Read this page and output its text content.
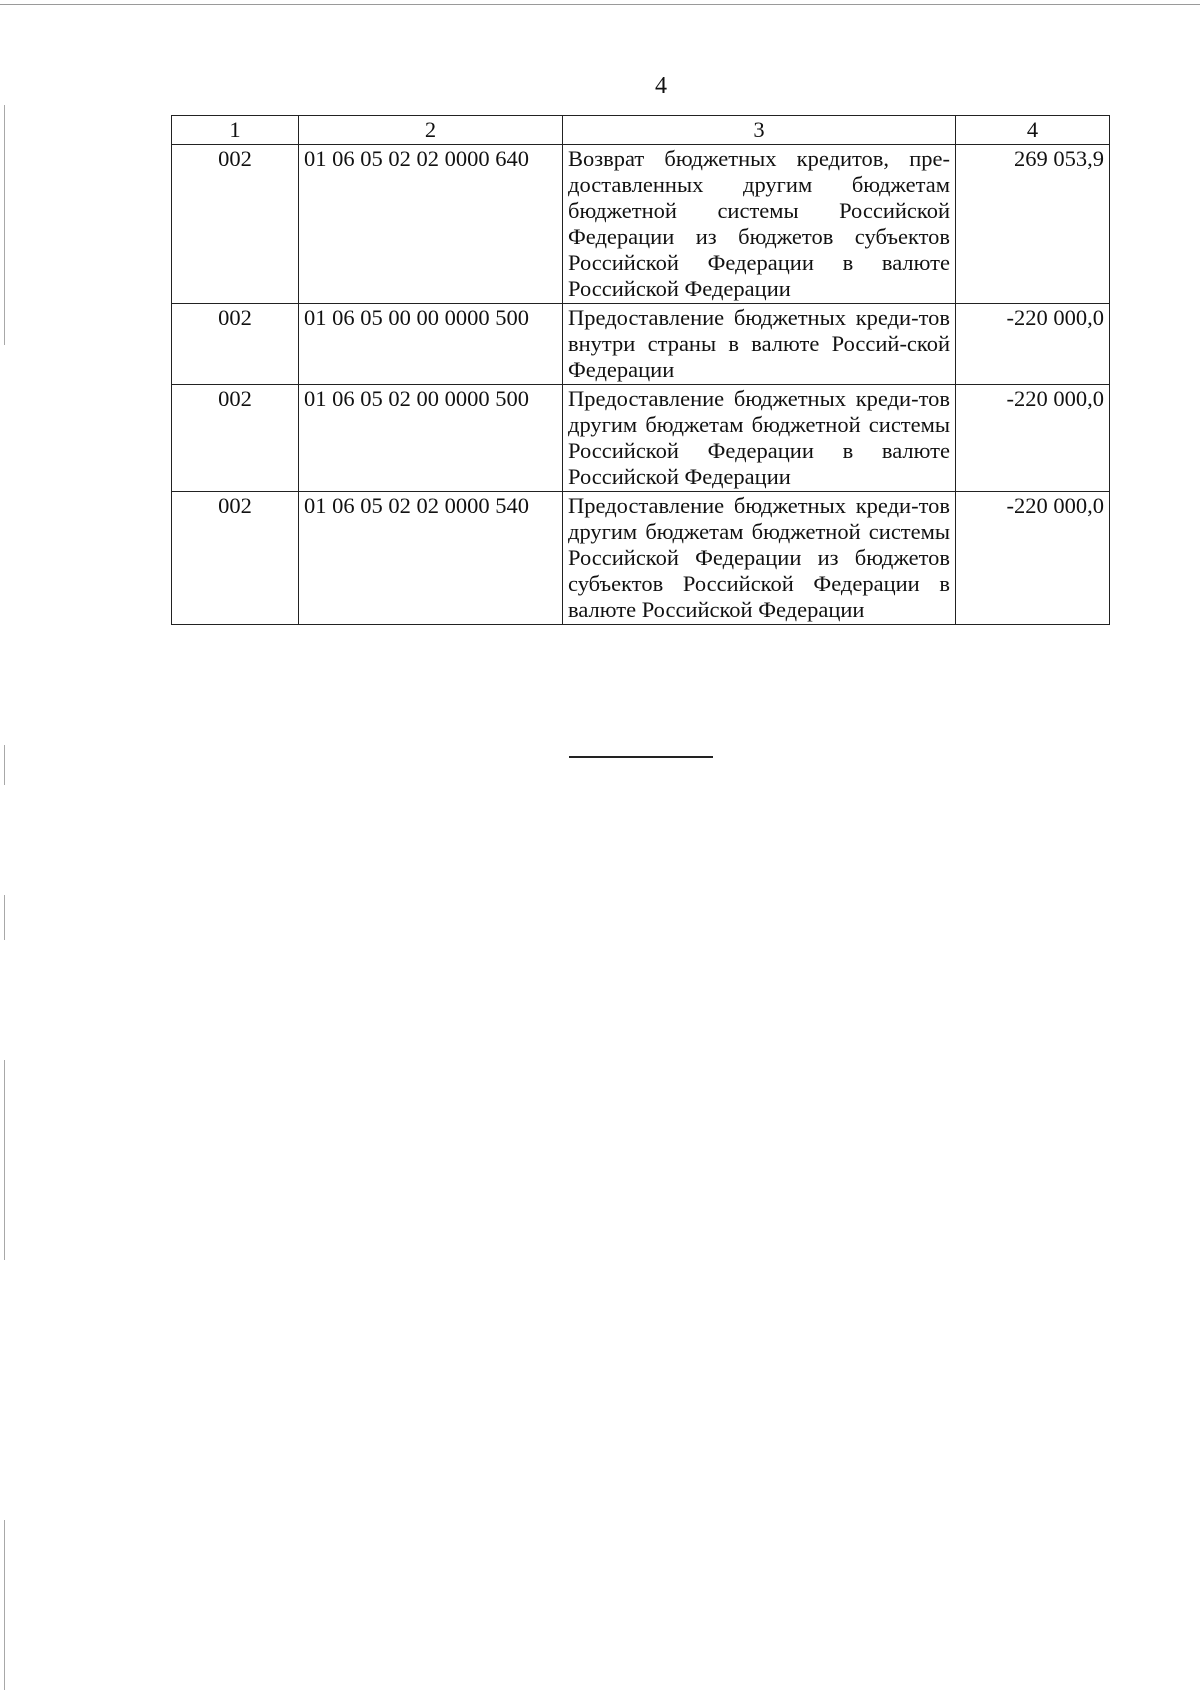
4
1	2	3	4
002	01 06 05 02 02 0000 640	Возврат бюджетных кредитов, пре-доставленных другим бюджетам бюджетной системы Российской Федерации из бюджетов субъектов Российской Федерации в валюте Российской Федерации	269 053,9
002	01 06 05 00 00 0000 500	Предоставление бюджетных креди-тов внутри страны в валюте Россий-ской Федерации	-220 000,0
002	01 06 05 02 00 0000 500	Предоставление бюджетных креди-тов другим бюджетам бюджетной системы Российской Федерации в валюте Российской Федерации	-220 000,0
002	01 06 05 02 02 0000 540	Предоставление бюджетных креди-тов другим бюджетам бюджетной системы Российской Федерации из бюджетов субъектов Российской Федерации в валюте Российской Федерации	-220 000,0
